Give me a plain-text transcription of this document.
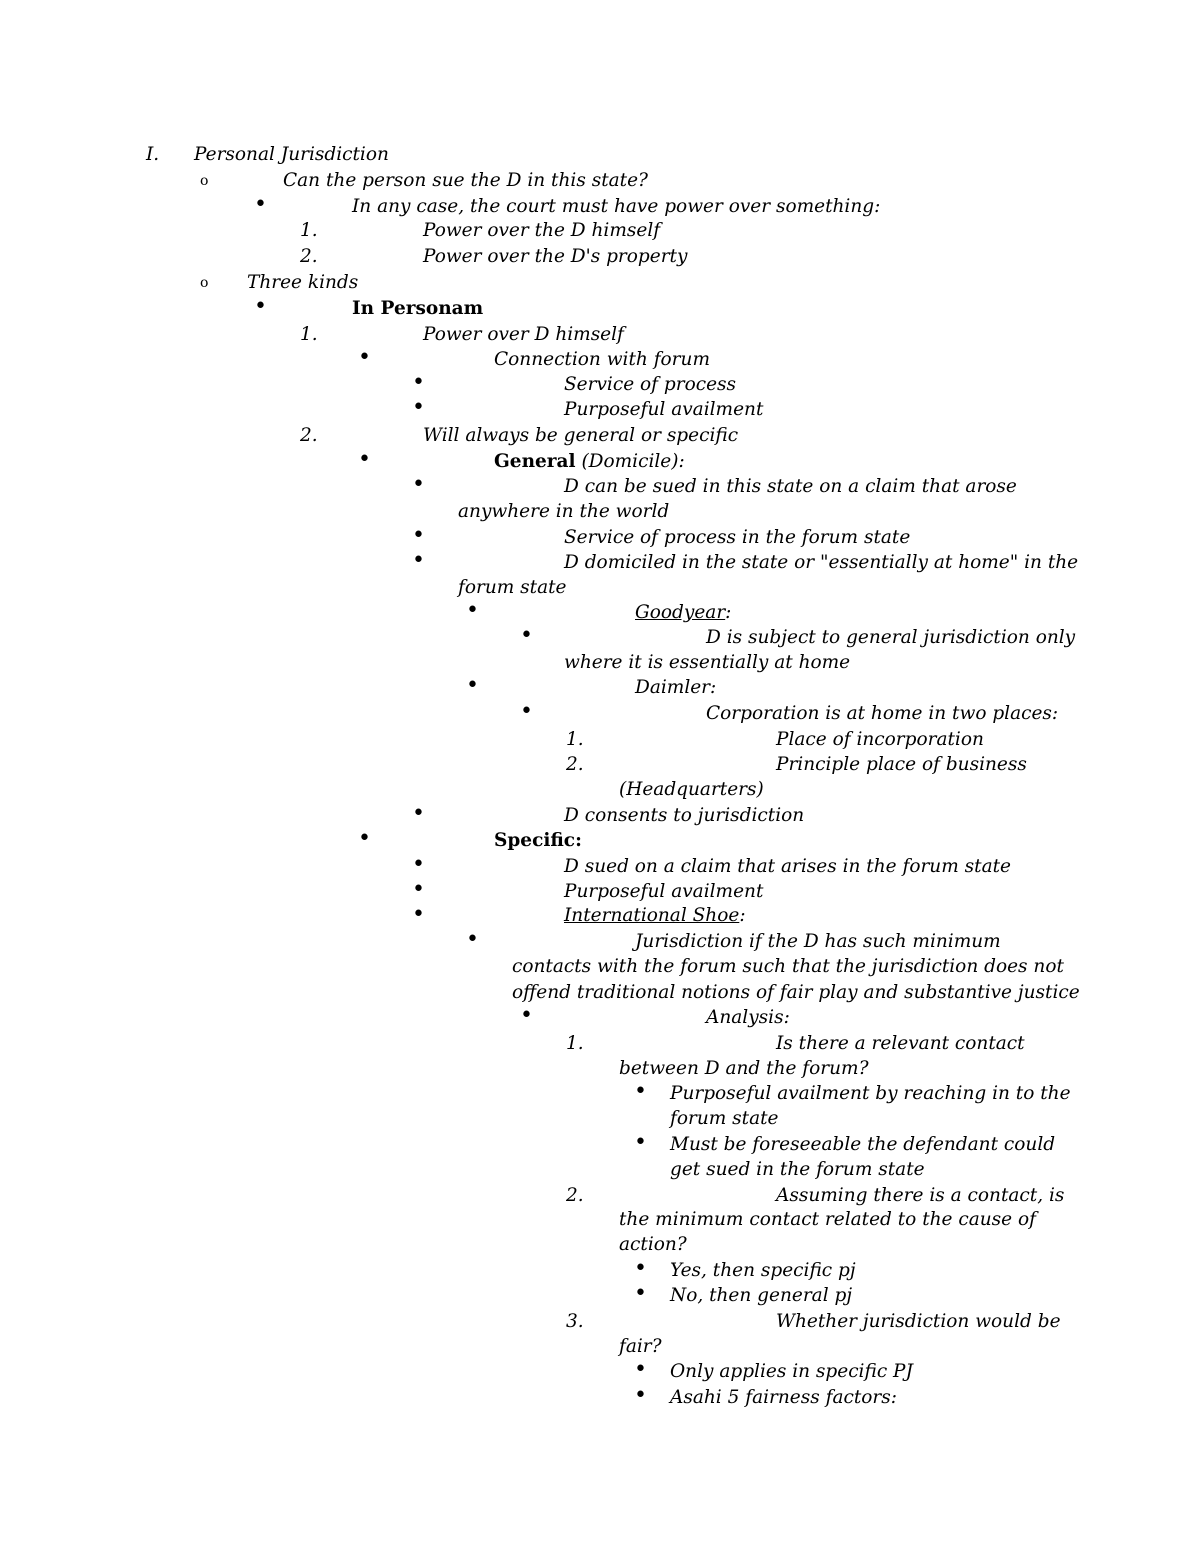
I. Personal Jurisdiction
o	Can the person sue the D in this state?
•	In any case, the court must have power over something:
1.	Power over the D himself
2.	Power over the D's property
o Three kinds
•	In Personam
1.	Power over D himself
•	Connection with forum
•	Service of process
•	Purposeful availment
2.	Will always be general or specific
•	General (Domicile):
•	D can be sued in this state on a claim that arose
anywhere in the world
•	Service of process in the forum state
•	D domiciled in the state or "essentially at home" in the
forum state
•	Goodyear:
•	D is subject to general jurisdiction only
where it is essentially at home
•	Daimler:
•	Corporation is at home in two places:
1.	Place of incorporation
2.	Principle place of business
(Headquarters)
•	D consents to jurisdiction
•	Specific:
•	D sued on a claim that arises in the forum state
•	Purposeful availment
•	International Shoe:
•	Jurisdiction if the D has such minimum
contacts with the forum such that the jurisdiction does not
offend traditional notions of fair play and substantive justice
•	Analysis:
1.	Is there a relevant contact
between D and the forum?
• Purposeful availment by reaching in to the
forum state
• Must be foreseeable the defendant could
get sued in the forum state
2.	Assuming there is a contact, is
the minimum contact related to the cause of
action?
• Yes, then specific pj
• No, then general pj
3.	Whether jurisdiction would be
fair?
• Only applies in specific PJ
• Asahi 5 fairness factors:
